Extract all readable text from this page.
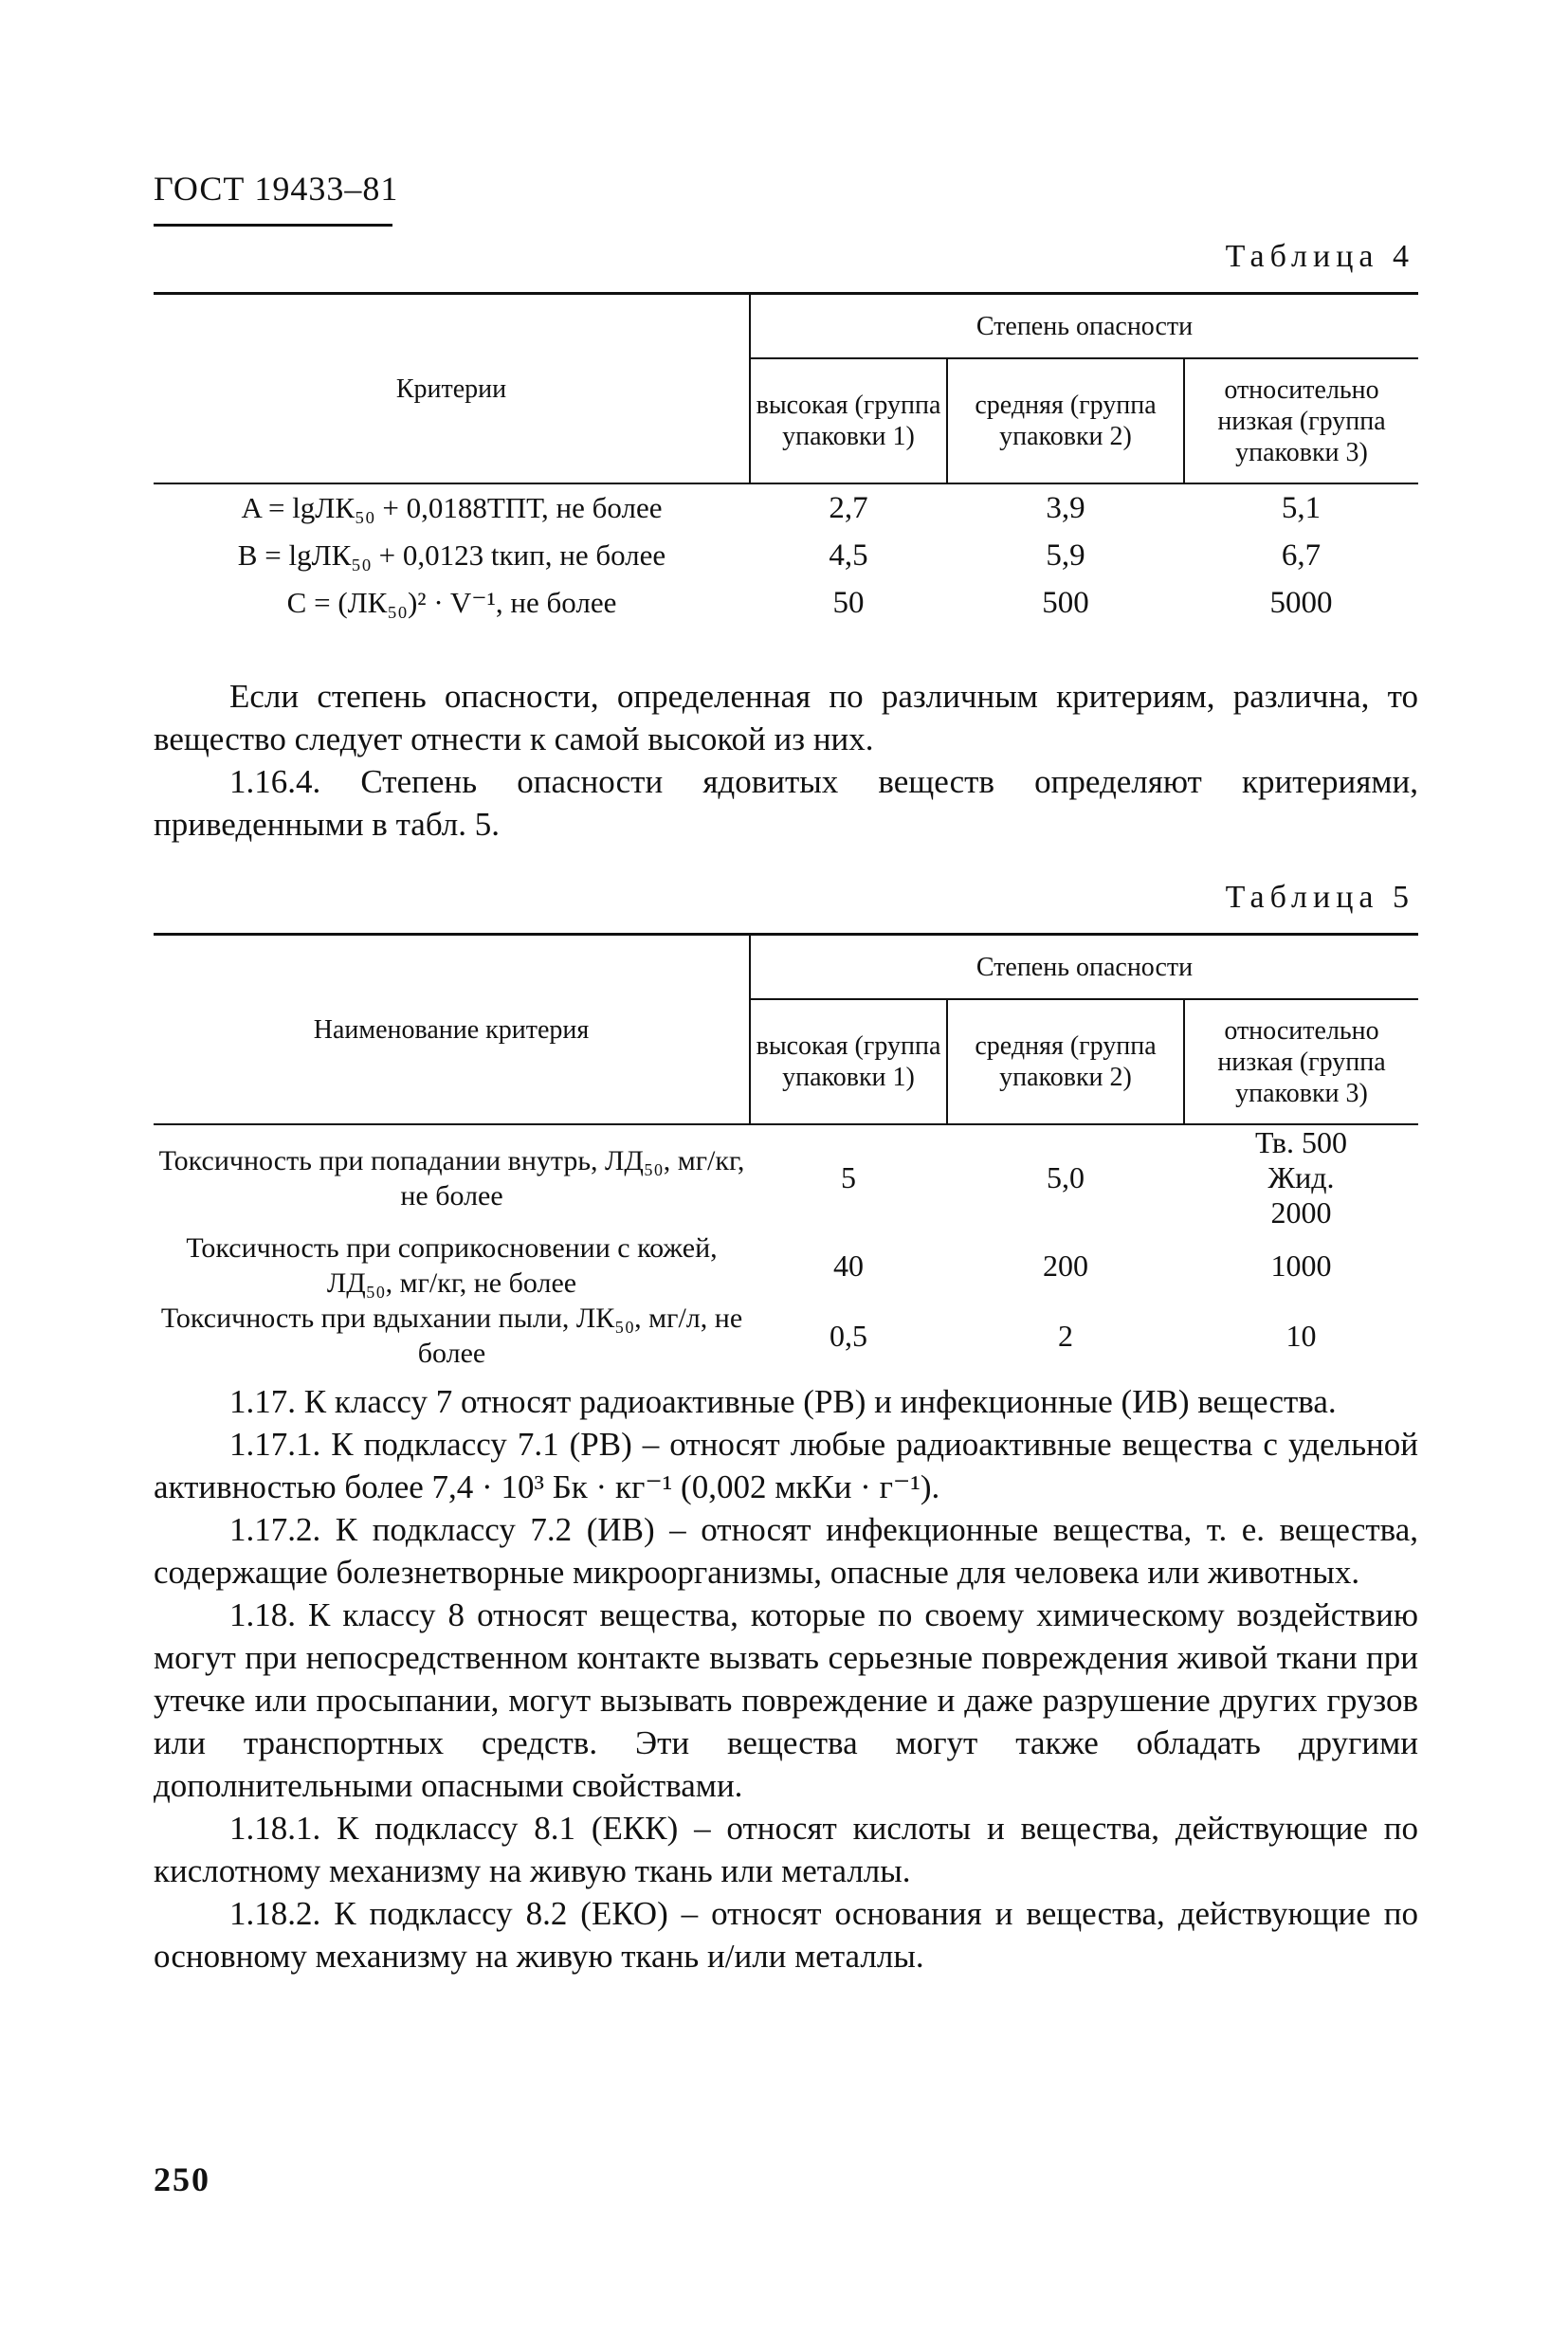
ГОСТ 19433–81
Таблица 4
Критерии	Степень опасности		
	высокая (группа упаковки 1)	средняя (группа упаковки 2)	относительно низкая (группа упаковки 3)
A = lgЛК₅₀ + 0,0188ТПТ, не более	2,7	3,9	5,1
B = lgЛК₅₀ + 0,0123 tкип, не более	4,5	5,9	6,7
C = (ЛК₅₀)² · V⁻¹, не более	50	500	5000

Если степень опасности, определенная по различным критериям, различна, то вещество следует отнести к самой высокой из них.

1.16.4. Степень опасности ядовитых веществ определяют критериями, приведенными в табл. 5.

Таблица 5
Наименование критерия	Степень опасности		
	высокая (группа упаковки 1)	средняя (группа упаковки 2)	относительно низкая (группа упаковки 3)
Токсичность при попадании внутрь, ЛД₅₀, мг/кг, не более	5	5,0	Тв. 500 Жид. 2000
Токсичность при соприкосновении с кожей, ЛД₅₀, мг/кг, не более	40	200	1000
Токсичность при вдыхании пыли, ЛК₅₀, мг/л, не более	0,5	2	10

1.17. К классу 7 относят радиоактивные (РВ) и инфекционные (ИВ) вещества.

1.17.1. К подклассу 7.1 (РВ) – относят любые радиоактивные вещества с удельной активностью более 7,4 · 10³ Бк · кг⁻¹ (0,002 мкКи · г⁻¹).

1.17.2. К подклассу 7.2 (ИВ) – относят инфекционные вещества, т. е. вещества, содержащие болезнетворные микроорганизмы, опасные для человека или животных.

1.18. К классу 8 относят вещества, которые по своему химическому воздействию могут при непосредственном контакте вызвать серьезные повреждения живой ткани при утечке или просыпании, могут вызывать повреждение и даже разрушение других грузов или транспортных средств. Эти вещества могут также обладать другими дополнительными опасными свойствами.

1.18.1. К подклассу 8.1 (ЕКК) – относят кислоты и вещества, действующие по кислотному механизму на живую ткань или металлы.

1.18.2. К подклассу 8.2 (ЕКО) – относят основания и вещества, действующие по основному механизму на живую ткань и/или металлы.

250
